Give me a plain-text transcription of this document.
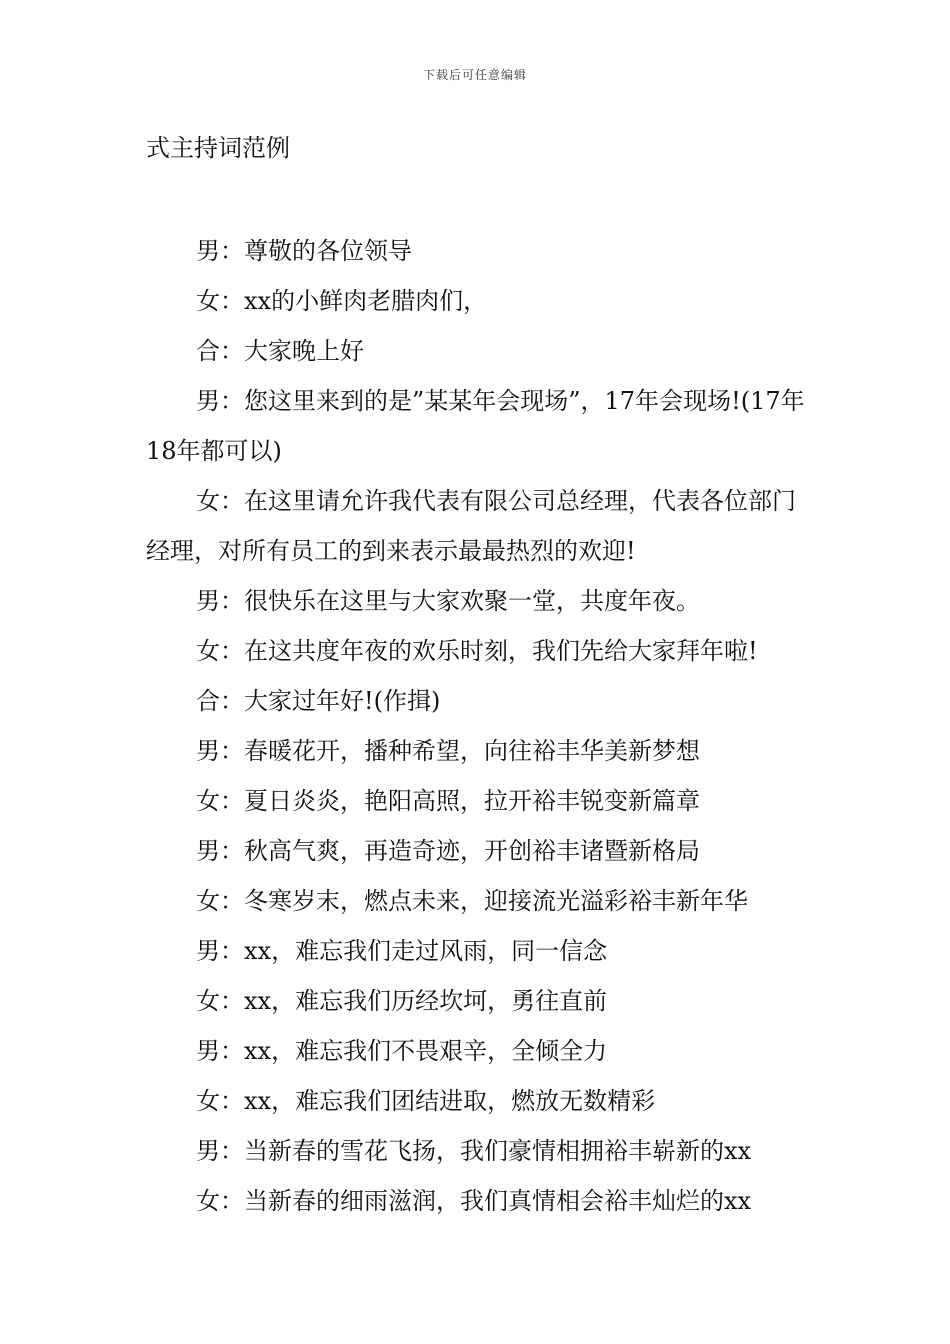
下载后可任意编辑
式主持词范例

男：尊敬的各位领导

女：xx的小鲜肉老腊肉们，

合：大家晚上好

男：您这里来到的是”某某年会现场”，17年会现场!(17年18年都可以)

女：在这里请允许我代表有限公司总经理，代表各位部门经理，对所有员工的到来表示最最热烈的欢迎!

男：很快乐在这里与大家欢聚一堂，共度年夜。

女：在这共度年夜的欢乐时刻，我们先给大家拜年啦!

合：大家过年好!(作揖)

男：春暖花开，播种希望，向往裕丰华美新梦想

女：夏日炎炎，艳阳高照，拉开裕丰锐变新篇章

男：秋高气爽，再造奇迹，开创裕丰诸暨新格局

女：冬寒岁末，燃点未来，迎接流光溢彩裕丰新年华

男：xx，难忘我们走过风雨，同一信念

女：xx，难忘我们历经坎坷，勇往直前

男：xx，难忘我们不畏艰辛，全倾全力

女：xx，难忘我们团结进取，燃放无数精彩

男：当新春的雪花飞扬，我们豪情相拥裕丰崭新的xx

女：当新春的细雨滋润，我们真情相会裕丰灿烂的xx
